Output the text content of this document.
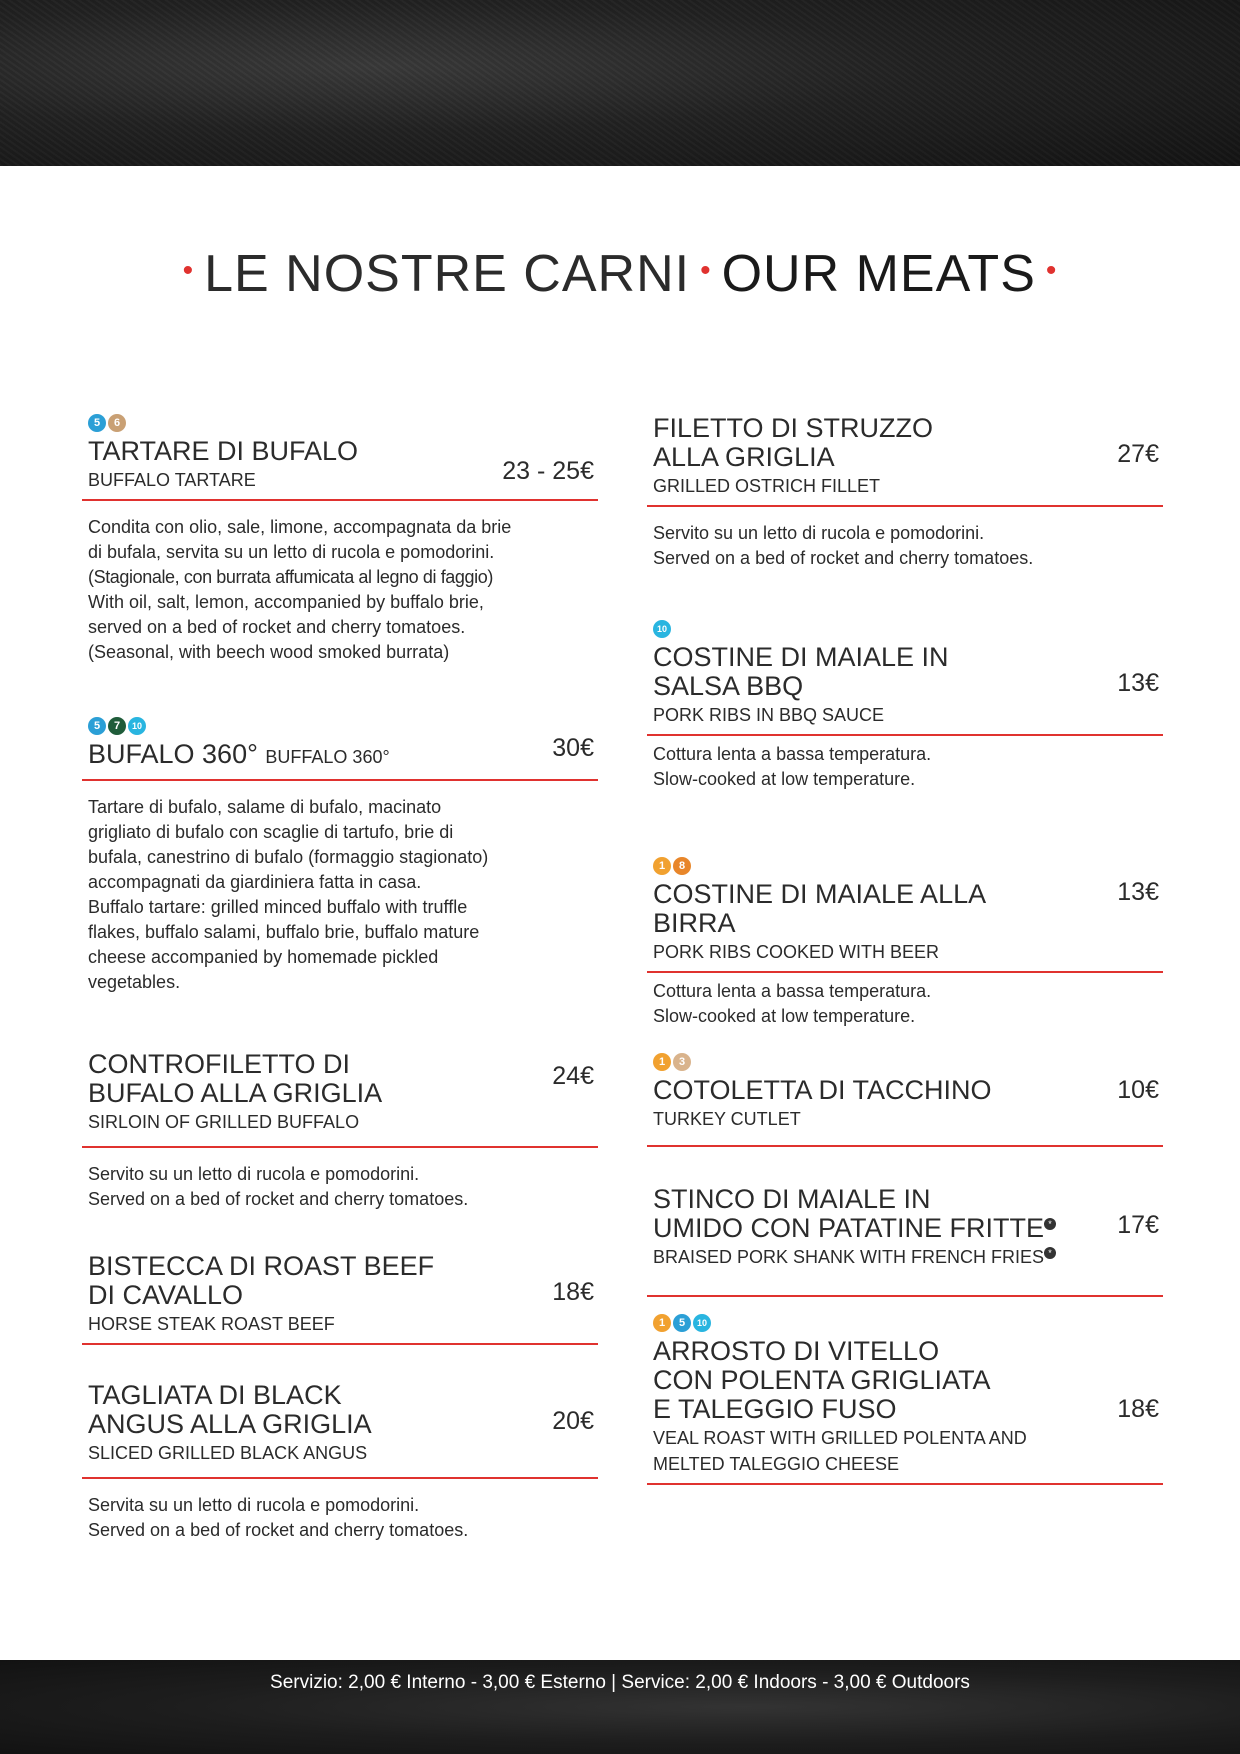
• LE NOSTRE CARNI • OUR MEATS •
5	6
TARTARE DI BUFALO
BUFFALO TARTARE	23 - 25€
Condita con olio, sale, limone, accompagnata da brie
di bufala, servita su un letto di rucola e pomodorini.
(Stagionale, con burrata affumicata al legno di faggio)
With oil, salt, lemon, accompanied by buffalo brie,
served on a bed of rocket and cherry tomatoes.
(Seasonal, with beech wood smoked burrata)
5	7	10
BUFALO 360° BUFFALO 360°	30€
Tartare di bufalo, salame di bufalo, macinato
grigliato di bufalo con scaglie di tartufo, brie di
bufala, canestrino di bufalo (formaggio stagionato)
accompagnati da giardiniera fatta in casa.
Buffalo tartare: grilled minced buffalo with truffle
flakes, buffalo salami, buffalo brie, buffalo mature
cheese accompanied by homemade pickled
vegetables.
CONTROFILETTO DI
BUFALO ALLA GRIGLIA
SIRLOIN OF GRILLED BUFFALO
24€
Servito su un letto di rucola e pomodorini.
Served on a bed of rocket and cherry tomatoes.
BISTECCA DI ROAST BEEF
DI CAVALLO
HORSE STEAK ROAST BEEF
18€
TAGLIATA DI BLACK
ANGUS ALLA GRIGLIA
SLICED GRILLED BLACK ANGUS
20€
Servita su un letto di rucola e pomodorini.
Served on a bed of rocket and cherry tomatoes.
FILETTO DI STRUZZO
ALLA GRIGLIA
GRILLED OSTRICH FILLET
27€
Servito su un letto di rucola e pomodorini.
Served on a bed of rocket and cherry tomatoes.
10
COSTINE DI MAIALE IN
SALSA BBQ
PORK RIBS IN BBQ SAUCE
13€
Cottura lenta a bassa temperatura.
Slow-cooked at low temperature.
1	8
COSTINE DI MAIALE ALLA BIRRA
PORK RIBS COOKED WITH BEER
13€
Cottura lenta a bassa temperatura.
Slow-cooked at low temperature.
1	3
COTOLETTA DI TACCHINO
TURKEY CUTLET
10€
STINCO DI MAIALE IN
UMIDO CON PATATINE FRITTE *
BRAISED PORK SHANK WITH FRENCH FRIES *
17€
1	5	10
ARROSTO DI VITELLO
CON POLENTA GRIGLIATA
E TALEGGIO FUSO
VEAL ROAST WITH GRILLED POLENTA AND
MELTED TALEGGIO CHEESE
18€
Servizio: 2,00 € Interno - 3,00 € Esterno | Service: 2,00 € Indoors - 3,00 € Outdoors
